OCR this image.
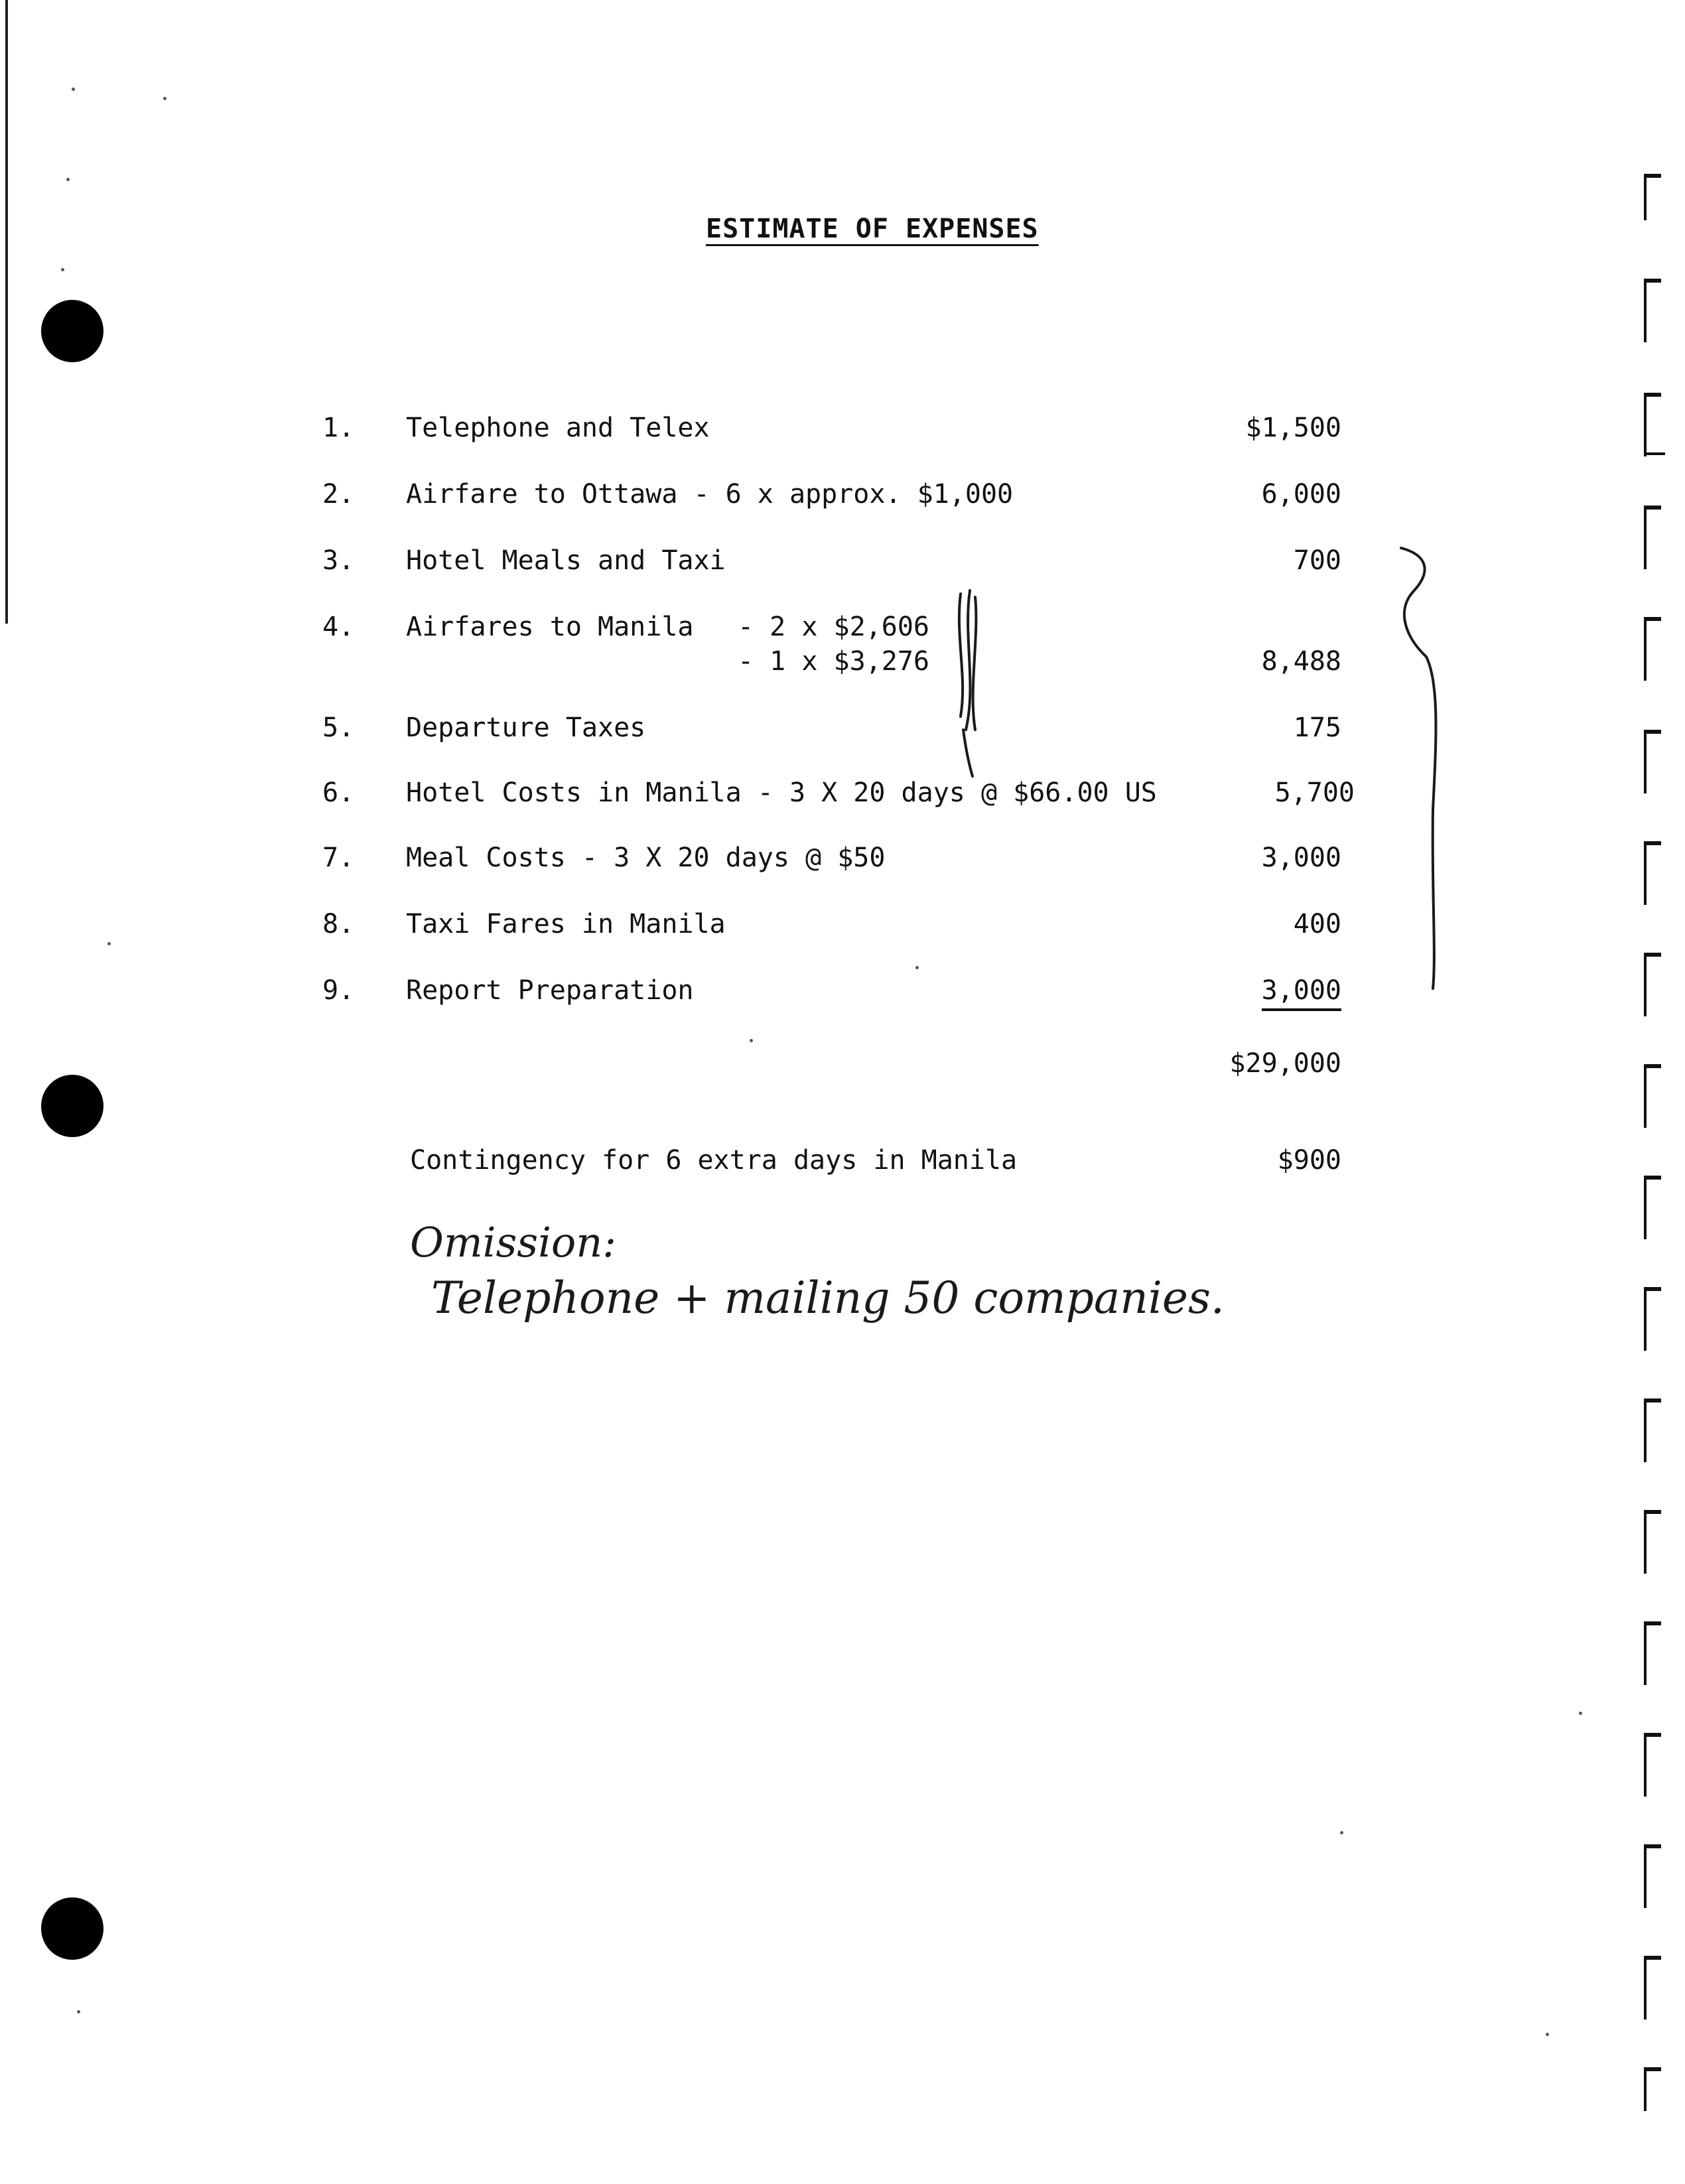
ESTIMATE OF EXPENSES
1. Telephone and Telex	$1,500
2. Airfare to Ottawa - 6 x approx. $1,000	6,000
3. Hotel Meals and Taxi	700
4. Airfares to Manila - 2 x $2,606
- 1 x $3,276	8,488
5. Departure Taxes	175
6. Hotel Costs in Manila - 3 X 20 days @ $66.00 US	5,700
7. Meal Costs - 3 X 20 days @ $50	3,000
8. Taxi Fares in Manila	400
9. Report Preparation	3,000
$29,000
Contingency for 6 extra days in Manila	$900
Omission:
Telephone + mailing 50 companies.
